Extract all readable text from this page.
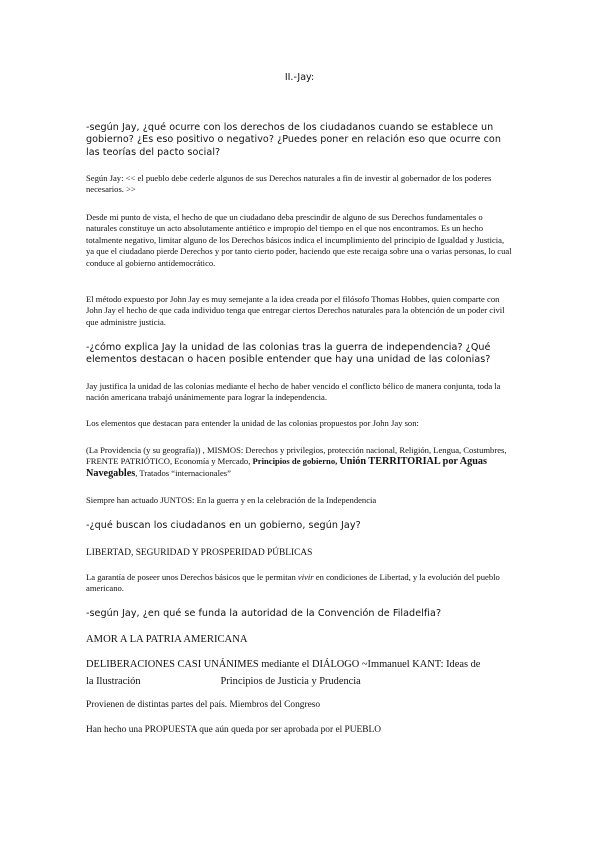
II.-Jay:

-según Jay, ¿qué ocurre con los derechos de los ciudadanos cuando se establece un gobierno? ¿Es eso positivo o negativo? ¿Puedes poner en relación eso que ocurre con las teorías del pacto social?

Según Jay: << el pueblo debe cederle algunos de sus Derechos naturales a fin de investir al gobernador de los poderes necesarios. >>

Desde mi punto de vista, el hecho de que un ciudadano deba prescindir de alguno de sus Derechos fundamentales o naturales constituye un acto absolutamente antiético e impropio del tiempo en el que nos encontramos. Es un hecho totalmente negativo, limitar alguno de los Derechos básicos indica el incumplimiento del principio de Igualdad y Justicia, ya que el ciudadano pierde Derechos y por tanto cierto poder, haciendo que este recaiga sobre una o varias personas, lo cual conduce al gobierno antidemocrático.

El método expuesto por John Jay es muy semejante a la idea creada por el filósofo Thomas Hobbes, quien comparte con John Jay el hecho de que cada individuo tenga que entregar ciertos Derechos naturales para la obtención de un poder civil que administre justicia.

-¿cómo explica Jay la unidad de las colonias tras la guerra de independencia? ¿Qué elementos destacan o hacen posible entender que hay una unidad de las colonias?

Jay justifica la unidad de las colonias mediante el hecho de haber vencido el conflicto bélico de manera conjunta, toda la nación americana trabajó unánimemente para lograr la independencia.

Los elementos que destacan para entender la unidad de las colonias propuestos por John Jay son:

(La Providencia (y su geografía)) , MISMOS: Derechos y privilegios, protección nacional, Religión, Lengua, Costumbres, FRENTE PATRIÓTICO, Economía y Mercado, Principios de gobierno, Unión TERRITORIAL por Aguas Navegables, Tratados “internacionales”

Siempre han actuado JUNTOS: En la guerra y en la celebración de la Independencia

-¿qué buscan los ciudadanos en un gobierno, según Jay?

LIBERTAD, SEGURIDAD Y PROSPERIDAD PÚBLICAS

La garantía de poseer unos Derechos básicos que le permitan vivir en condiciones de Libertad, y la evolución del pueblo americano.

-según Jay, ¿en qué se funda la autoridad de la Convención de Filadelfia?

AMOR A LA PATRIA AMERICANA

DELIBERACIONES CASI UNÁNIMES mediante el DIÁLOGO ~Immanuel KANT: Ideas de
la Ilustración	Principios de Justicia y Prudencia

Provienen de distintas partes del país. Miembros del Congreso

Han hecho una PROPUESTA que aún queda por ser aprobada por el PUEBLO
